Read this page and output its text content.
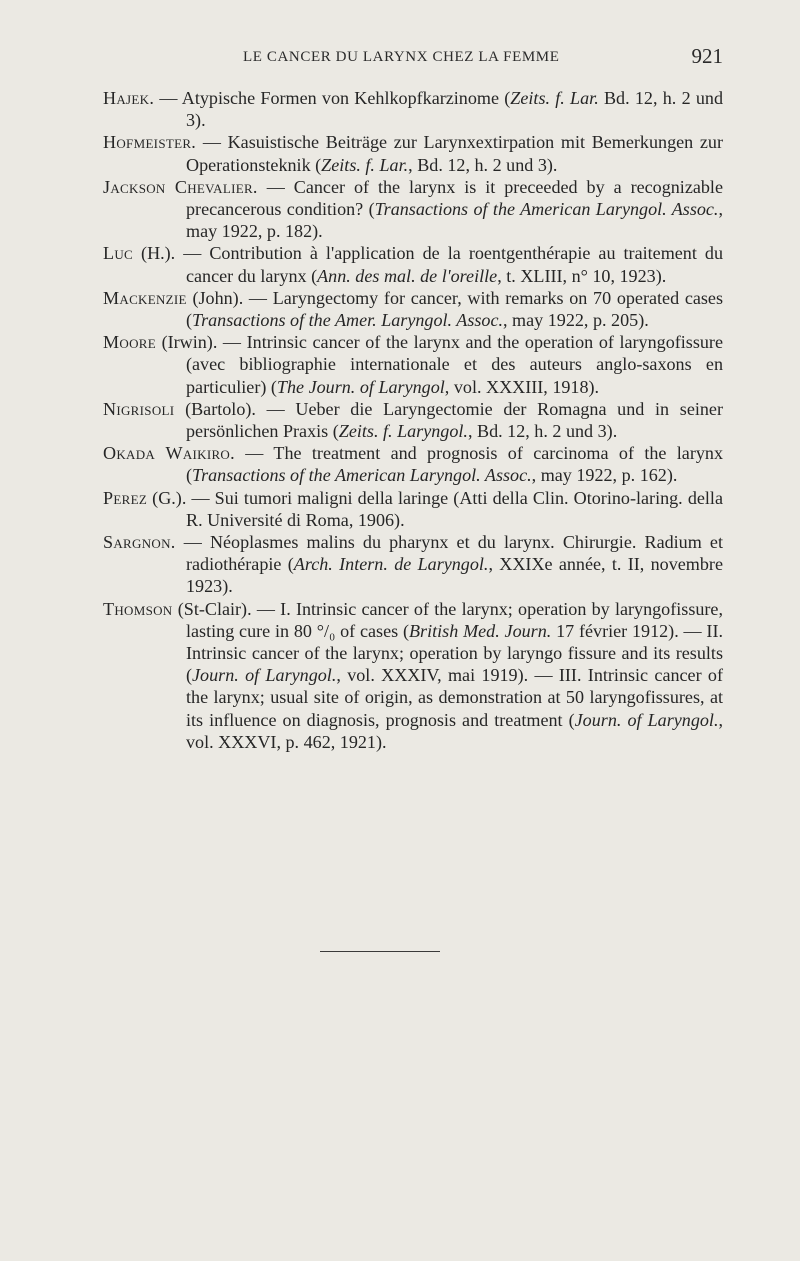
LE CANCER DU LARYNX CHEZ LA FEMME	921

Hajek. — Atypische Formen von Kehlkopfkarzinome (Zeits. f. Lar. Bd. 12, h. 2 und 3).

Hofmeister. — Kasuistische Beiträge zur Larynxextirpation mit Bemerkungen zur Operationsteknik (Zeits. f. Lar., Bd. 12, h. 2 und 3).

Jackson Chevalier. — Cancer of the larynx is it preceeded by a recognizable precancerous condition? (Transactions of the American Laryngol. Assoc., may 1922, p. 182).

Luc (H.). — Contribution à l'application de la roentgenthérapie au traitement du cancer du larynx (Ann. des mal. de l'oreille, t. XLIII, n° 10, 1923).

Mackenzie (John). — Laryngectomy for cancer, with remarks on 70 operated cases (Transactions of the Amer. Laryngol. Assoc., may 1922, p. 205).

Moore (Irwin). — Intrinsic cancer of the larynx and the operation of laryngofissure (avec bibliographie internationale et des auteurs anglo-saxons en particulier) (The Journ. of Laryngol, vol. XXXIII, 1918).

Nigrisoli (Bartolo). — Ueber die Laryngectomie der Romagna und in seiner persönlichen Praxis (Zeits. f. Laryngol., Bd. 12, h. 2 und 3).

Okada Waikiro. — The treatment and prognosis of carcinoma of the larynx (Transactions of the American Laryngol. Assoc., may 1922, p. 162).

Perez (G.). — Sui tumori maligni della laringe (Atti della Clin. Otorino-laring. della R. Université di Roma, 1906).

Sargnon. — Néoplasmes malins du pharynx et du larynx. Chirurgie. Radium et radiothérapie (Arch. Intern. de Laryngol., XXIXe année, t. II, novembre 1923).

Thomson (St-Clair). — I. Intrinsic cancer of the larynx; operation by laryngofissure, lasting cure in 80 °/₀ of cases (British Med. Journ. 17 février 1912). — II. Intrinsic cancer of the larynx; operation by laryngo fissure and its results (Journ. of Laryngol., vol. XXXIV, mai 1919). — III. Intrinsic cancer of the larynx; usual site of origin, as demonstration at 50 laryngofissures, at its influence on diagnosis, prognosis and treatment (Journ. of Laryngol., vol. XXXVI, p. 462, 1921).
